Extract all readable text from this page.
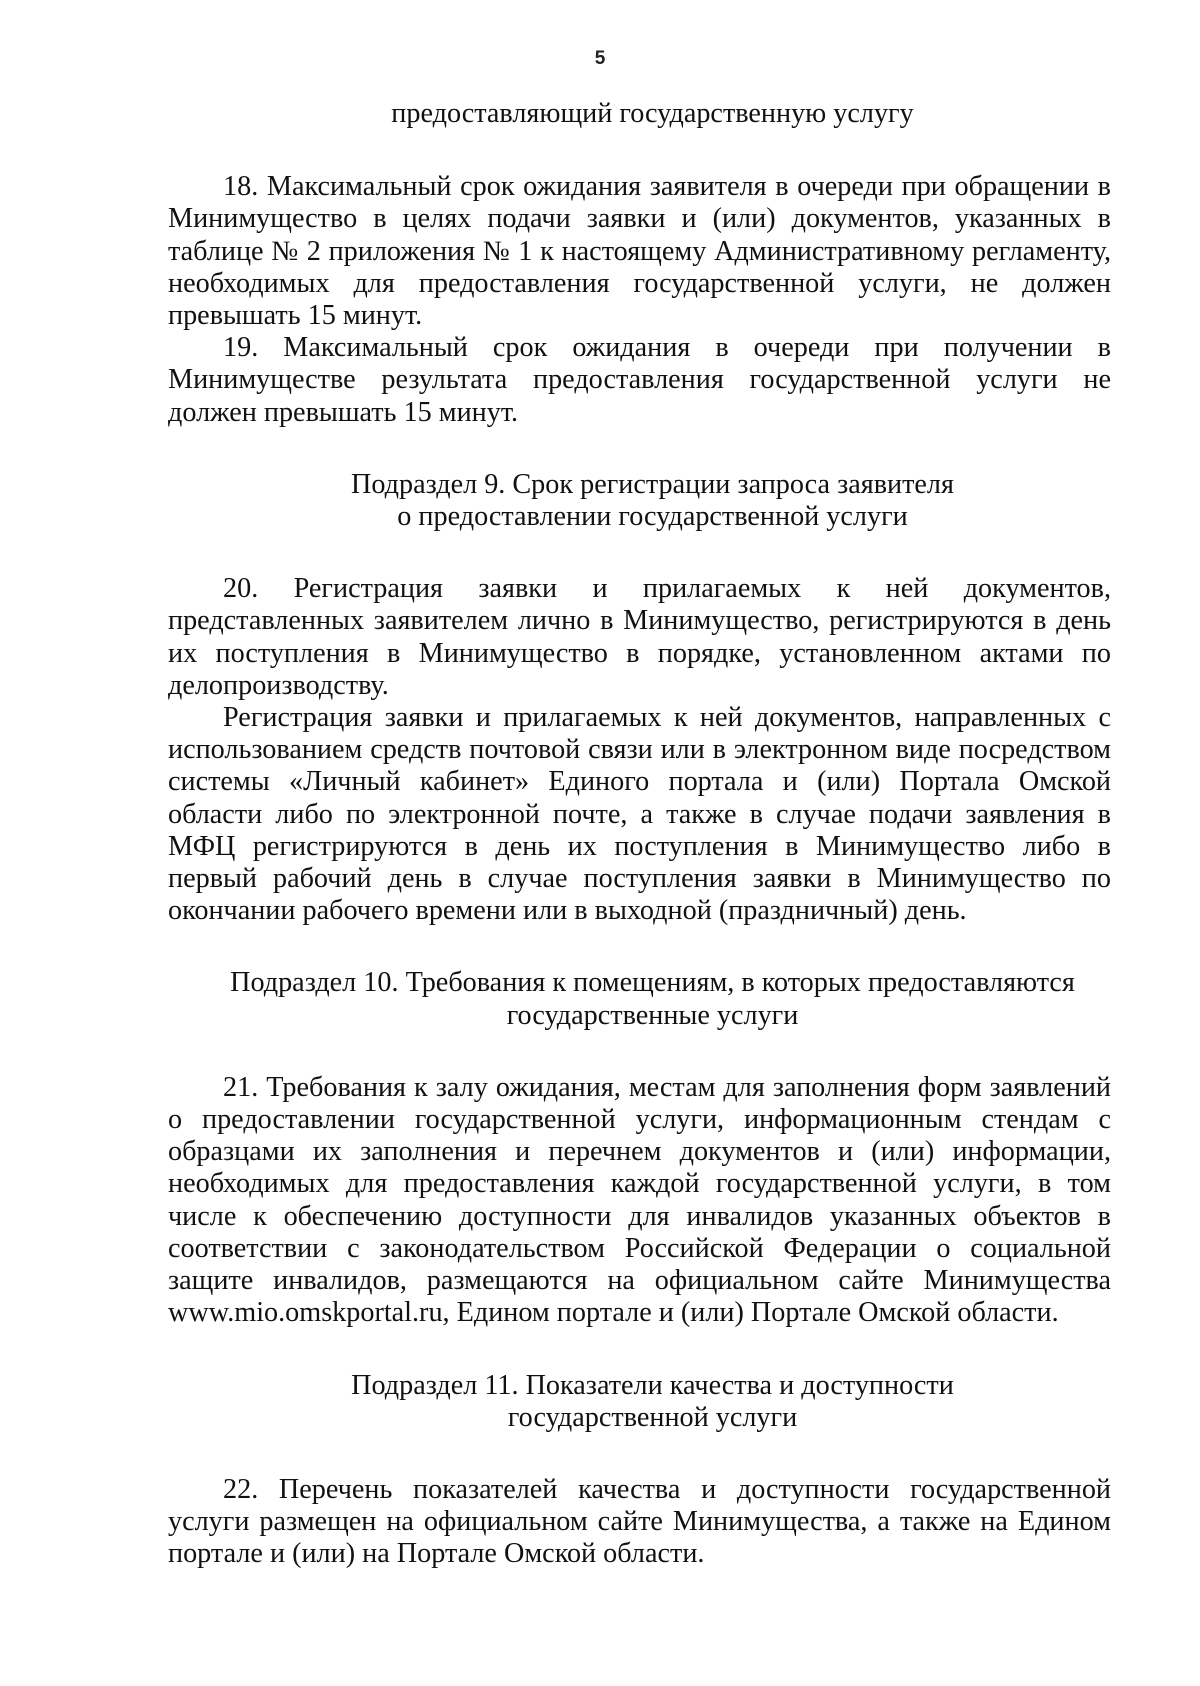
5

предоставляющий государственную услугу

18. Максимальный срок ожидания заявителя в очереди при обращении в Минимущество в целях подачи заявки и (или) документов, указанных в таблице № 2 приложения № 1 к настоящему Административному регламенту, необходимых для предоставления государственной услуги, не должен превышать 15 минут.

19. Максимальный срок ожидания в очереди при получении в Минимуществе результата предоставления государственной услуги не должен превышать 15 минут.

Подраздел 9. Срок регистрации запроса заявителя
о предоставлении государственной услуги

20. Регистрация заявки и прилагаемых к ней документов, представленных заявителем лично в Минимущество, регистрируются в день их поступления в Минимущество в порядке, установленном актами по делопроизводству.

Регистрация заявки и прилагаемых к ней документов, направленных с использованием средств почтовой связи или в электронном виде посредством системы «Личный кабинет» Единого портала и (или) Портала Омской области либо по электронной почте, а также в случае подачи заявления в МФЦ регистрируются в день их поступления в Минимущество либо в первый рабочий день в случае поступления заявки в Минимущество по окончании рабочего времени или в выходной (праздничный) день.

Подраздел 10. Требования к помещениям, в которых предоставляются
государственные услуги

21. Требования к залу ожидания, местам для заполнения форм заявлений о предоставлении государственной услуги, информационным стендам с образцами их заполнения и перечнем документов и (или) информации, необходимых для предоставления каждой государственной услуги, в том числе к обеспечению доступности для инвалидов указанных объектов в соответствии с законодательством Российской Федерации о социальной защите инвалидов, размещаются на официальном сайте Минимущества www.mio.omskportal.ru, Едином портале и (или) Портале Омской области.

Подраздел 11. Показатели качества и доступности
государственной услуги

22. Перечень показателей качества и доступности государственной услуги размещен на официальном сайте Минимущества, а также на Едином портале и (или) на Портале Омской области.
